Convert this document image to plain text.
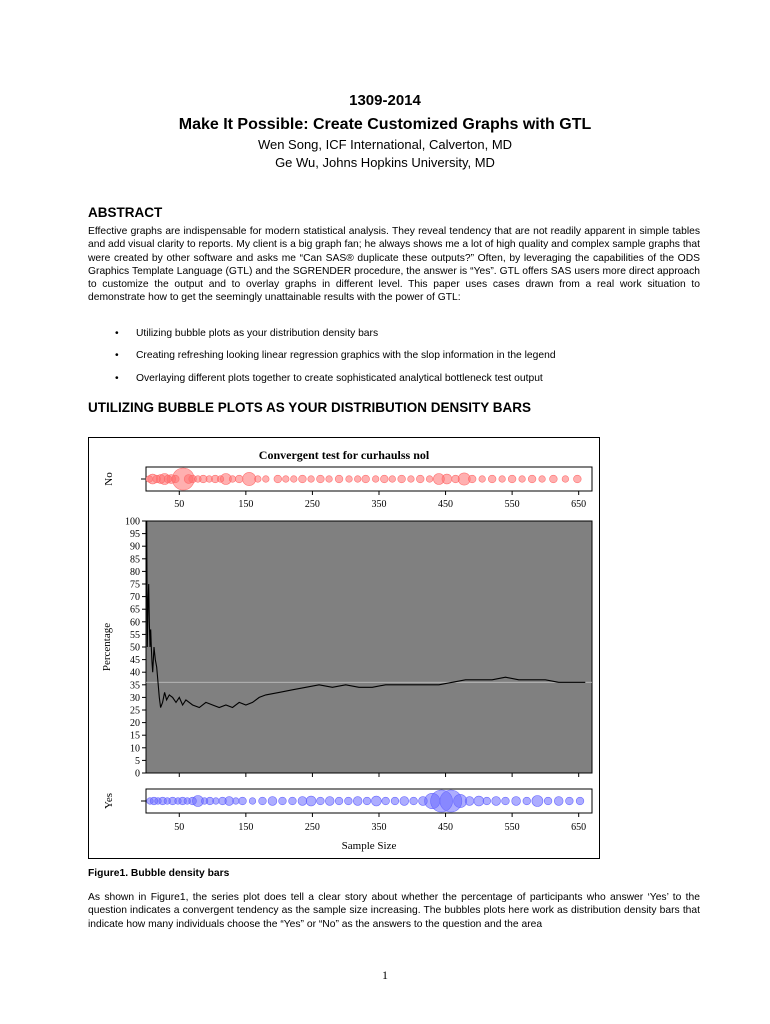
1309-2014
Make It Possible: Create Customized Graphs with GTL
Wen Song, ICF International, Calverton, MD
Ge Wu, Johns Hopkins University, MD
ABSTRACT
Effective graphs are indispensable for modern statistical analysis. They reveal tendency that are not readily apparent in simple tables and add visual clarity to reports. My client is a big graph fan; he always shows me a lot of high quality and complex sample graphs that were created by other software and asks me “Can SAS® duplicate these outputs?” Often, by leveraging the capabilities of the ODS Graphics Template Language (GTL) and the SGRENDER procedure, the answer is “Yes”. GTL offers SAS users more direct approach to customize the output and to overlay graphs in different level. This paper uses cases drawn from a real work situation to demonstrate how to get the seemingly unattainable results with the power of GTL:
• Utilizing bubble plots as your distribution density bars
• Creating refreshing looking linear regression graphics with the slop information in the legend
• Overlaying different plots together to create sophisticated analytical bottleneck test output
UTILIZING BUBBLE PLOTS AS YOUR DISTRIBUTION DENSITY BARS
Convergent test for curhaulss nol
No
50	150	250	350	450	550	650
0
5
10
15
20
25
30
35
40
45
50
55
60
65
70
75
80
85
90
95
100
Percentage
Yes
50	150	250	350	450	550	650
Sample Size
Figure1. Bubble density bars
As shown in Figure1, the series plot does tell a clear story about whether the percentage of participants who answer ‘Yes’ to the question indicates a convergent tendency as the sample size increasing. The bubbles plots here work as distribution density bars that indicate how many individuals choose the “Yes” or “No” as the answers to the question and the area
1
